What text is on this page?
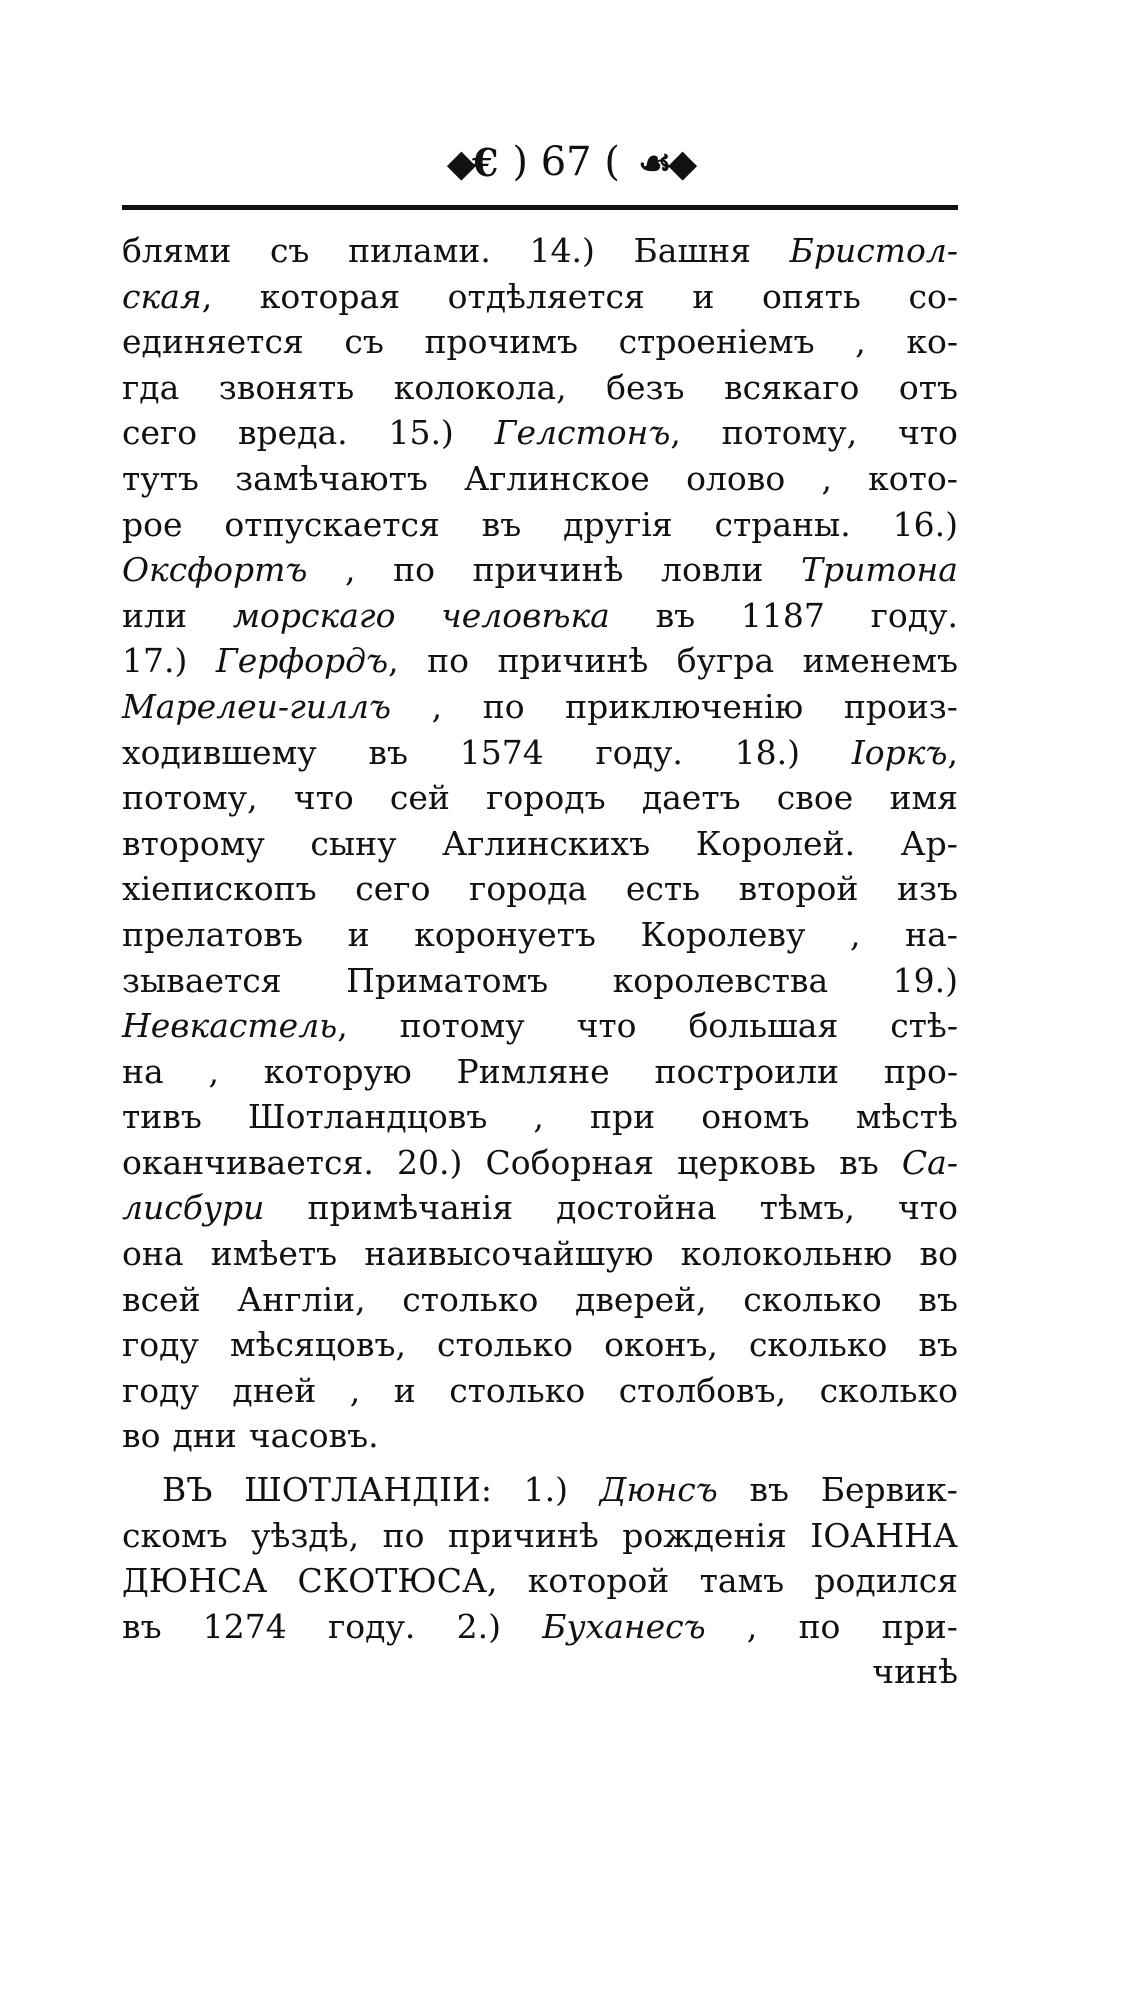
◆€ ) 67 ( ☙◆
блями съ пилами. 14.) Башня Бристол-
ская, которая отдѣляется и опять со-
единяется съ прочимъ строеніемъ , ко-
гда звонять колокола, безъ всякаго отъ
сего вреда. 15.) Гелстонъ, потому, что
тутъ замѣчаютъ Аглинское олово , кото-
рое отпускается въ другія страны. 16.)
Оксфортъ , по причинѣ ловли Тритона
или морскаго человѣка въ 1187 году.
17.) Герфордъ, по причинѣ бугра именемъ
Марелеи-гиллъ , по приключенію произ-
ходившему въ 1574 году. 18.) Іоркъ,
потому, что сей городъ даетъ свое имя
второму сыну Аглинскихъ Королей. Ар-
хіепископъ сего города есть второй изъ
прелатовъ и коронуетъ Королеву , на-
зывается Примaтомъ королевства 19.)
Невкастель, потому что большая стѣ-
на , которую Римляне построили про-
тивъ Шотландцовъ , при ономъ мѣстѣ
оканчивается. 20.) Соборная церковь въ Са-
лисбури примѣчанія достойна тѣмъ, что
она имѣетъ наивысочайшую колокольню во
всей Англіи, столько дверей, сколько въ
году мѣсяцовъ, столько оконъ, сколько въ
году дней , и столько столбовъ, сколько
во дни часовъ.
ВЪ ШОТЛАНДІИ: 1.) Дюнсъ въ Бервик-
скомъ уѣздѣ, по причинѣ рожденія ІОАННА
ДЮНСА СКОТЮСА, которой тамъ родился
въ 1274 году. 2.) Буханесъ , по при-
чинѣ
